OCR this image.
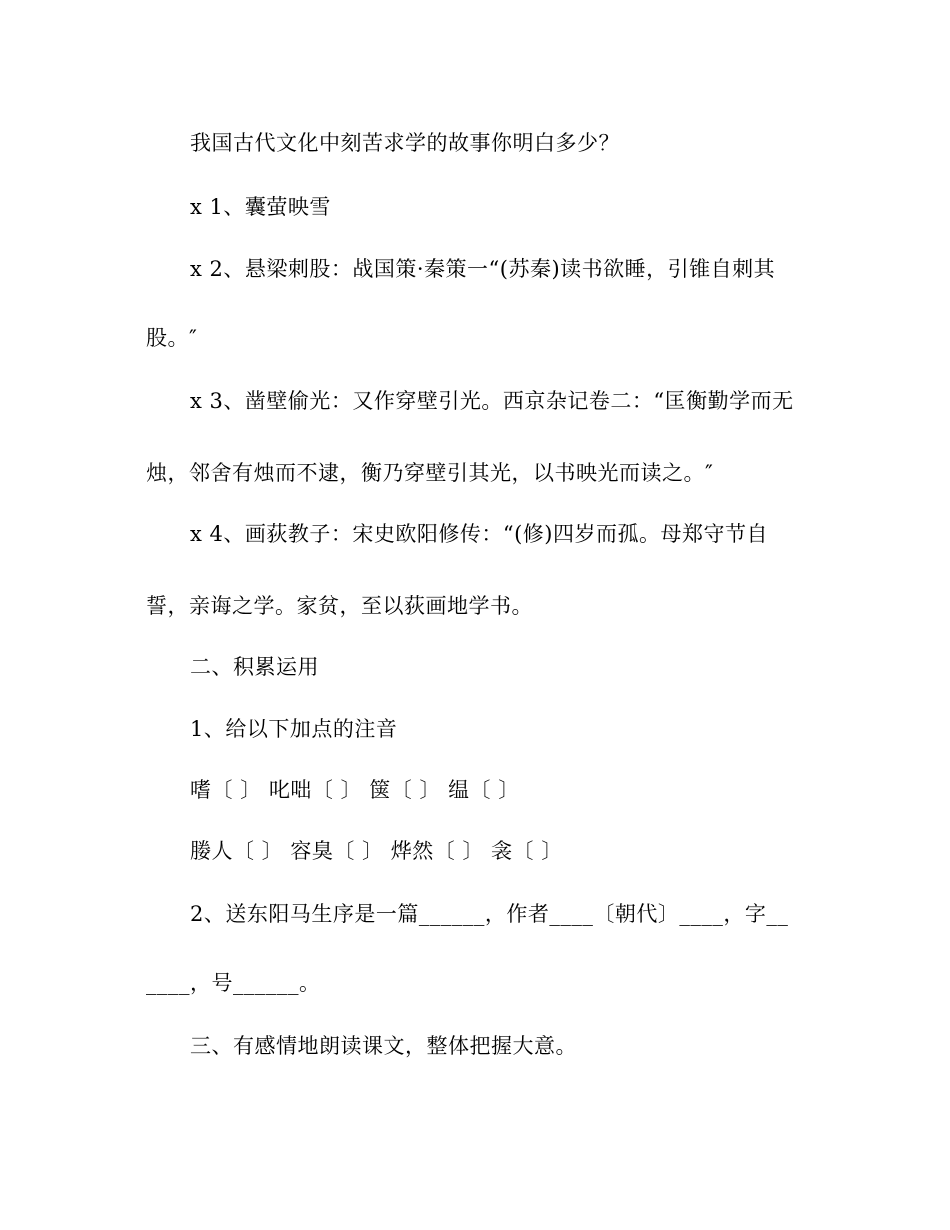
我国古代文化中刻苦求学的故事你明白多少？
x 1、囊萤映雪
x 2、悬梁刺股：战国策·秦策一“(苏秦)读书欲睡，引锥自刺其
股。″
x 3、凿壁偷光：又作穿壁引光。西京杂记卷二：“匡衡勤学而无
烛，邻舍有烛而不逮，衡乃穿壁引其光，以书映光而读之。″
x 4、画荻教子：宋史欧阳修传：“(修)四岁而孤。母郑守节自
誓，亲诲之学。家贫，至以荻画地学书。
二、积累运用
1、给以下加点的注音
嗜〔 〕 叱咄〔 〕 箧〔 〕 缊〔 〕
媵人〔 〕 容臭〔 〕 烨然〔 〕 衾〔 〕
2、送东阳马生序是一篇______，作者____〔朝代〕____，字__
____，号______。
三、有感情地朗读课文，整体把握大意。
